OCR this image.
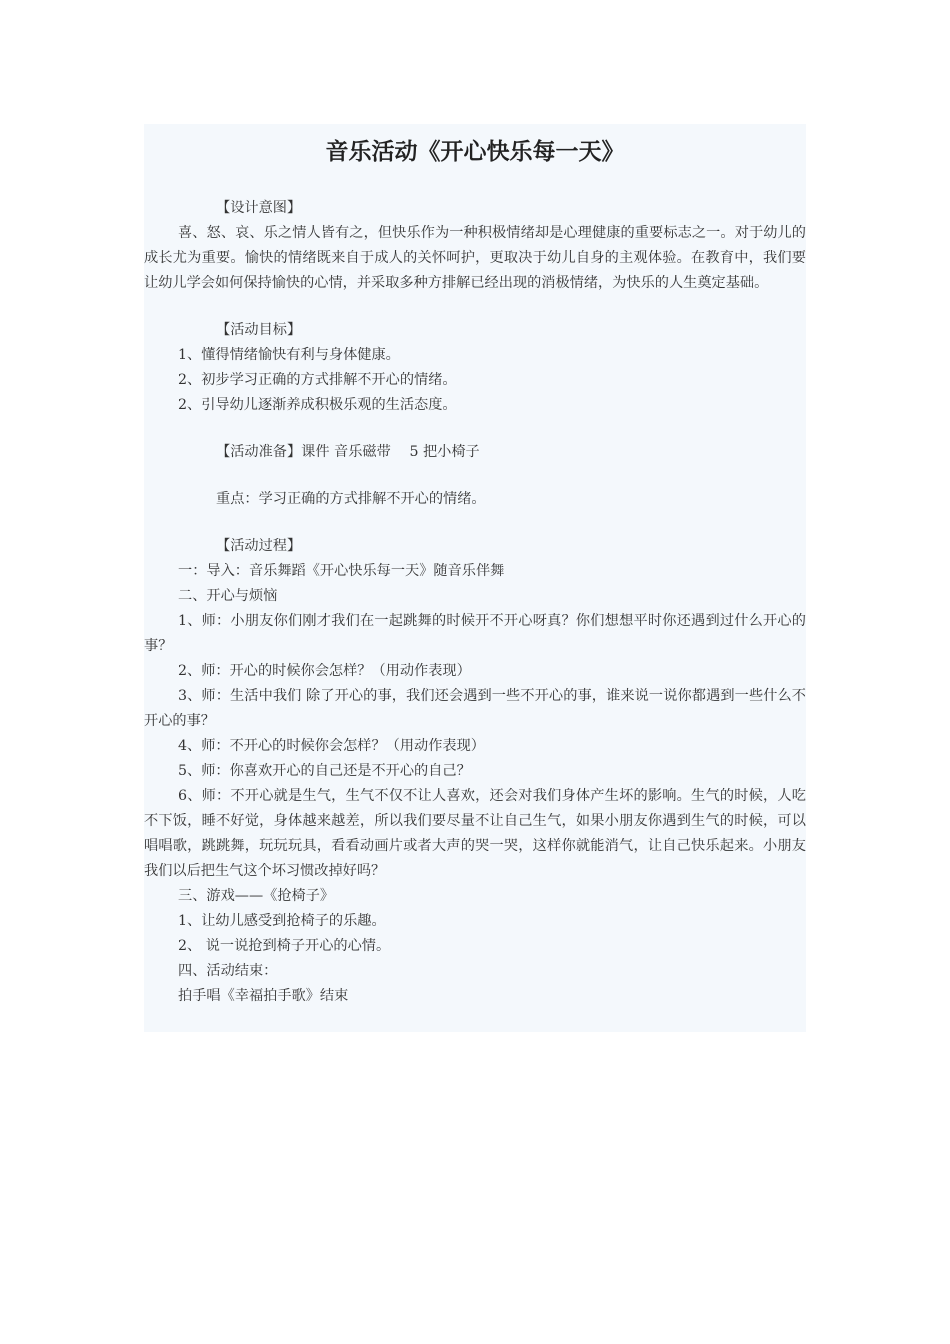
音乐活动《开心快乐每一天》

【设计意图】

喜、怒、哀、乐之情人皆有之，但快乐作为一种积极情绪却是心理健康的重要标志之一。对于幼儿的成长尤为重要。愉快的情绪既来自于成人的关怀呵护，更取决于幼儿自身的主观体验。在教育中，我们要让幼儿学会如何保持愉快的心情，并采取多种方排解已经出现的消极情绪，为快乐的人生奠定基础。

【活动目标】

1、懂得情绪愉快有利与身体健康。

2、初步学习正确的方式排解不开心的情绪。

2、引导幼儿逐渐养成积极乐观的生活态度。

【活动准备】课件 音乐磁带　 5 把小椅子

重点：学习正确的方式排解不开心的情绪。

【活动过程】

一：导入：音乐舞蹈《开心快乐每一天》随音乐伴舞

二、开心与烦恼

1、师：小朋友你们刚才我们在一起跳舞的时候开不开心呀真？你们想想平时你还遇到过什么开心的事？

2、师：开心的时候你会怎样？（用动作表现）

3、师：生活中我们 除了开心的事，我们还会遇到一些不开心的事，谁来说一说你都遇到一些什么不开心的事？

4、师：不开心的时候你会怎样？（用动作表现）

5、师：你喜欢开心的自己还是不开心的自己？

6、师：不开心就是生气，生气不仅不让人喜欢，还会对我们身体产生坏的影响。生气的时候，人吃不下饭，睡不好觉，身体越来越差，所以我们要尽量不让自己生气，如果小朋友你遇到生气的时候，可以唱唱歌，跳跳舞，玩玩玩具，看看动画片或者大声的哭一哭，这样你就能消气，让自己快乐起来。小朋友我们以后把生气这个坏习惯改掉好吗？

三、游戏——《抢椅子》

1、让幼儿感受到抢椅子的乐趣。

2、 说一说抢到椅子开心的心情。

四、活动结束：

拍手唱《幸福拍手歌》结束
